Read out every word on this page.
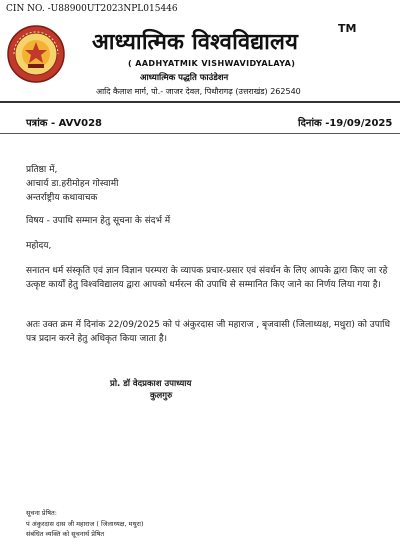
CIN NO. -U88900UT2023NPL015446
आध्यात्मिक विश्वविद्यालय
TM
( AADHYATMIK VISHWAVIDYALAYA)
आध्यात्मिक पद्धति फाउंडेशन
आदि कैलाश मार्ग, पो.- जाजर देवल, पिथौरागढ़ (उत्तराखंड) 262540
पत्रांक - AVV028	दिनांक -19/09/2025
प्रतिष्ठा में,
आचार्य डा.हरीमोहन गोस्वामी
अन्तर्राष्ट्रीय कथावाचक
विषय - उपाधि सम्मान हेतु सूचना के संदर्भ में
महोदय,
सनातन धर्म संस्कृति एवं ज्ञान विज्ञान परम्परा के व्यापक प्रचार-प्रसार एवं संवर्धन के लिए आपके द्वारा किए जा रहे उत्कृष्ट कार्यों हेतु विश्वविद्यालय द्वारा आपको धर्मरत्न की उपाधि से सम्मानित किए जाने का निर्णय लिया गया है।
अतः उक्त क्रम में दिनांक 22/09/2025 को पं अंकुरदास जी महाराज , बृजवासी (जिलाध्यक्ष, मथुरा) को उपाधि पत्र प्रदान करने हेतु अधिकृत किया जाता है।
प्रो. डॉ वेदप्रकाश उपाध्याय
कुलगुरु
सूचना प्रेषित:
पं अंकुरदास दास जी महाराज ( जिलाध्यक्ष, मथुरा)
संबंधित व्यक्ति को सूचनार्थ प्रेषित
